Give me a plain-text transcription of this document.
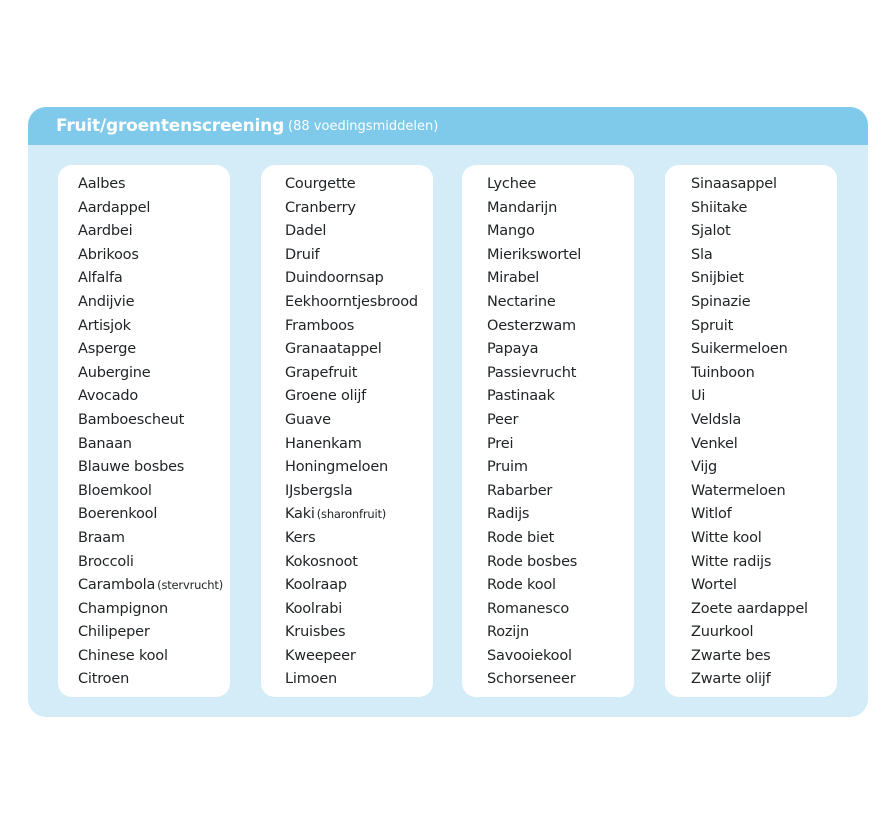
Fruit/groentenscreening (88 voedingsmiddelen)
Aalbes
Aardappel
Aardbei
Abrikoos
Alfalfa
Andijvie
Artisjok
Asperge
Aubergine
Avocado
Bamboescheut
Banaan
Blauwe bosbes
Bloemkool
Boerenkool
Braam
Broccoli
Carambola (stervrucht)
Champignon
Chilipeper
Chinese kool
Citroen
Courgette
Cranberry
Dadel
Druif
Duindoornsap
Eekhoorntjesbrood
Framboos
Granaatappel
Grapefruit
Groene olijf
Guave
Hanenkam
Honingmeloen
IJsbergsla
Kaki (sharonfruit)
Kers
Kokosnoot
Koolraap
Koolrabi
Kruisbes
Kweepeer
Limoen
Lychee
Mandarijn
Mango
Mierikswortel
Mirabel
Nectarine
Oesterzwam
Papaya
Passievrucht
Pastinaak
Peer
Prei
Pruim
Rabarber
Radijs
Rode biet
Rode bosbes
Rode kool
Romanesco
Rozijn
Savooiekool
Schorseneer
Sinaasappel
Shiitake
Sjalot
Sla
Snijbiet
Spinazie
Spruit
Suikermeloen
Tuinboon
Ui
Veldsla
Venkel
Vijg
Watermeloen
Witlof
Witte kool
Witte radijs
Wortel
Zoete aardappel
Zuurkool
Zwarte bes
Zwarte olijf
